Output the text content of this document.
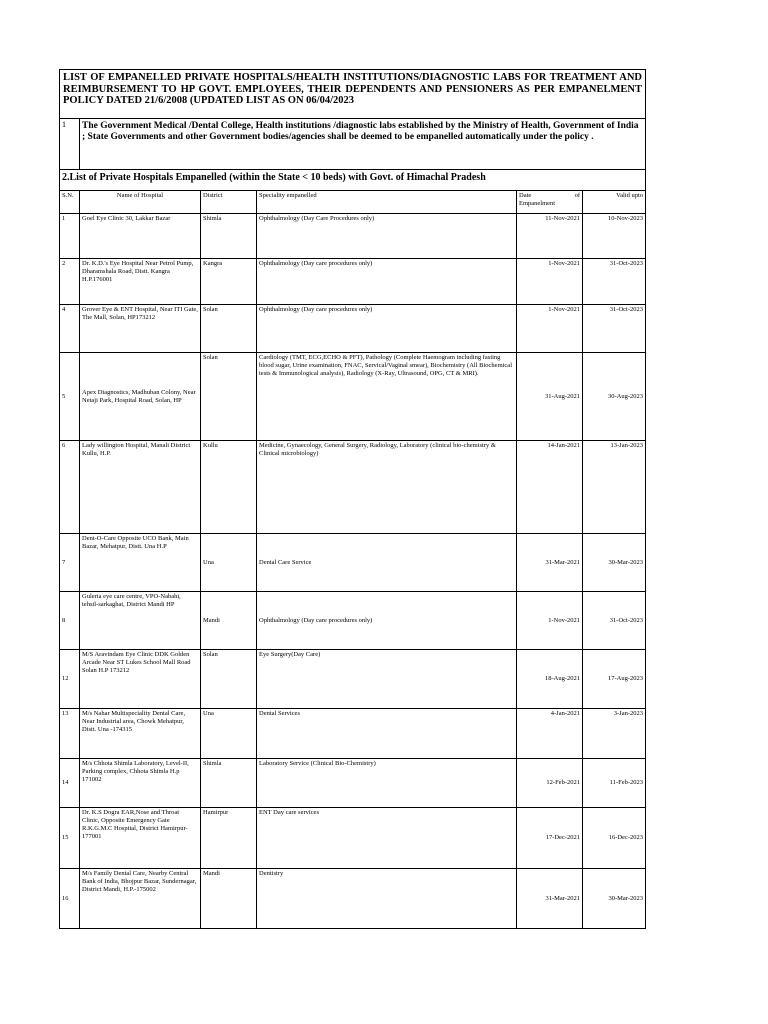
LIST OF EMPANELLED PRIVATE HOSPITALS/HEALTH INSTITUTIONS/DIAGNOSTIC LABS FOR TREATMENT AND REIMBURSEMENT TO HP GOVT. EMPLOYEES, THEIR DEPENDENTS AND PENSIONERS AS PER EMPANELMENT POLICY DATED 21/6/2008 (UPDATED LIST AS ON 06/04/2023					
1	The Government Medical /Dental College, Health institutions /diagnostic labs established by the Ministry of Health, Government of India ; State Governments and other Government bodies/agencies shall be deemed to be empanelled automatically under the policy .				
2.List of Private Hospitals Empanelled (within the State < 10 beds) with Govt. of Himachal Pradesh					
S.N.	Name of Hospital	District	Speciality empanelled	Date of
Empanelment	Valid upto
1	Goel Eye Clinic 30, Lakkar Bazar	Shimla	Ophthalmology (Day Care Procedures only)	11-Nov-2021	10-Nov-2023
2	Dr. K.D.'s Eye Hospital Near Petrol Pump, Dharamshala Road, Distt. Kangra H.P.176001	Kangra	Ophthalmology (Day care procedures only)	1-Nov-2021	31-Oct-2023
4	Grover Eye & ENT Hospital, Near ITI Gate, The Mall, Solan, HP173212	Solan	Ophthalmology (Day care procedures only)	1-Nov-2021	31-Oct-2023
5	Apex Diagnostics, Madhuban Colony, Near Netaji Park, Hospital Road, Solan, HP	Solan	Cardiology (TMT, ECG,ECHO & PFT), Pathology (Complete Haemogram including fasting blood sugar, Urine examination, FNAC, Servical/Vaginal smear), Biochemistry (All Biochemical tests & Immunological analysis), Radiology (X-Ray, Ultrasound, OPG, CT & MRI).	31-Aug-2021	30-Aug-2023
6	Lady willington Hospital, Manali District Kullu, H.P.	Kullu	Medicine, Gynaecology, General Surgery, Radiology, Laboratory (clinical bio-chemistry & Clinical microbiology)	14-Jan-2021	13-Jan-2023
7	Dent-O-Care Opposite UCO Bank, Main Bazar, Mehatpur, Distt. Una H.P	Una	Dental Care Service	31-Mar-2021	30-Mar-2023
8	Guleria eye care centre, VPO-Nabahi, tehsil-sarkaghat, District Mandi HP	Mandi	Ophthalmology (Day care procedures only)	1-Nov-2021	31-Oct-2023
12	M/S Aravindam Eye Clinic DDK Golden Arcade Near ST Lukes School Mall Road Solan H.P 173212	Solan	Eye Surgery(Day Care)	18-Aug-2021	17-Aug-2023
13	M/s Nahar Multispeciality Dental Care, Near Industrial area, Chowk Mehatpur, Distt. Una -174315	Una	Dental Services	4-Jan-2021	3-Jan-2023
14	M/s Chhota Shimla Laboratory, Level-II, Parking complex, Chhota Shimla H.p 171002	Shimla	Laboratory Service (Clinical Bio-Chemistry)	12-Feb-2021	11-Feb-2023
15	Dr. K.S Dogra EAR,Nose and Throat Clinic, Opposite Emergency Gate R.K.G.M.C Hospital, District Hamirpur-177001	Hamirpur	ENT Day care services	17-Dec-2021	16-Dec-2023
16	M/s Family Dental Care, Nearby Central Bank of India, Bhojpur Bazar, Sundernagar, District Mandi, H.P.-175002	Mandi	Dentistry	31-Mar-2021	30-Mar-2023
